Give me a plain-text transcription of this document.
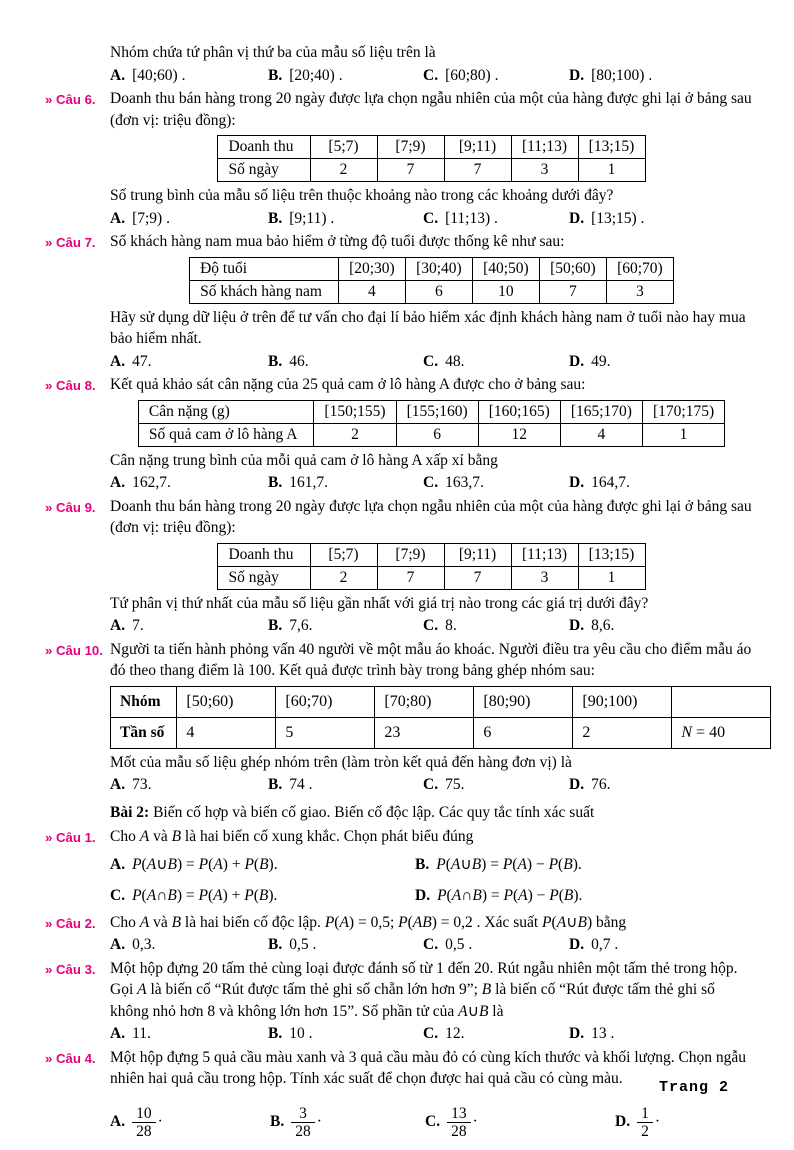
Nhóm chứa tứ phân vị thứ ba của mẫu số liệu trên là
A. [40;60) .	B. [20;40) .	C. [60;80) .	D. [80;100) .
» Câu 6. Doanh thu bán hàng trong 20 ngày được lựa chọn ngẫu nhiên của một của hàng được ghi lại ở bảng sau (đơn vị: triệu đồng):
Doanh thu	[5;7)	[7;9)	[9;11)	[11;13)	[13;15)
Số ngày	2	7	7	3	1
Số trung bình của mẫu số liệu trên thuộc khoảng nào trong các khoảng dưới đây?
A. [7;9) .	B. [9;11) .	C. [11;13) .	D. [13;15) .
» Câu 7. Số khách hàng nam mua bảo hiểm ở từng độ tuổi được thống kê như sau:
Độ tuổi	[20;30)	[30;40)	[40;50)	[50;60)	[60;70)
Số khách hàng nam	4	6	10	7	3
Hãy sử dụng dữ liệu ở trên để tư vấn cho đại lí bảo hiểm xác định khách hàng nam ở tuổi nào hay mua bảo hiểm nhất.
A. 47.	B. 46.	C. 48.	D. 49.
» Câu 8. Kết quả khảo sát cân nặng của 25 quả cam ở lô hàng A được cho ở bảng sau:
Cân nặng (g)	[150;155)	[155;160)	[160;165)	[165;170)	[170;175)
Số quả cam ở lô hàng A	2	6	12	4	1
Cân nặng trung bình của mỗi quả cam ở lô hàng A xấp xỉ bằng
A. 162,7.	B. 161,7.	C. 163,7.	D. 164,7.
» Câu 9. Doanh thu bán hàng trong 20 ngày được lựa chọn ngẫu nhiên của một của hàng được ghi lại ở bảng sau (đơn vị: triệu đồng):
Doanh thu	[5;7)	[7;9)	[9;11)	[11;13)	[13;15)
Số ngày	2	7	7	3	1
Tứ phân vị thứ nhất của mẫu số liệu gần nhất với giá trị nào trong các giá trị dưới đây?
A. 7.	B. 7,6.	C. 8.	D. 8,6.
» Câu 10. Người ta tiến hành phỏng vấn 40 người về một mẫu áo khoác. Người điều tra yêu cầu cho điểm mẫu áo đó theo thang điểm là 100. Kết quả được trình bày trong bảng ghép nhóm sau:
Nhóm	[50;60)	[60;70)	[70;80)	[80;90)	[90;100)	
Tần số	4	5	23	6	2	N = 40
Mốt của mẫu số liệu ghép nhóm trên (làm tròn kết quả đến hàng đơn vị) là
A. 73.	B. 74 .	C. 75.	D. 76.
Bài 2: Biến cố hợp và biến cố giao. Biến cố độc lập. Các quy tắc tính xác suất
» Câu 1. Cho A và B là hai biến cố xung khắc. Chọn phát biểu đúng
A. P(A∪B) = P(A) + P(B).	B. P(A∪B) = P(A) − P(B).
C. P(A∩B) = P(A) + P(B).	D. P(A∩B) = P(A) − P(B).
» Câu 2. Cho A và B là hai biến cố độc lập. P(A) = 0,5; P(AB) = 0,2 . Xác suất P(A∪B) bằng
A. 0,3.	B. 0,5 .	C. 0,5 .	D. 0,7 .
» Câu 3. Một hộp đựng 20 tấm thẻ cùng loại được đánh số từ 1 đến 20. Rút ngẫu nhiên một tấm thẻ trong hộp. Gọi A là biến cố “Rút được tấm thẻ ghi số chẵn lớn hơn 9”; B là biến cố “Rút được tấm thẻ ghi số không nhỏ hơn 8 và không lớn hơn 15”. Số phần tử của A∪B là
A. 11.	B. 10 .	C. 12.	D. 13 .
» Câu 4. Một hộp đựng 5 quả cầu màu xanh và 3 quả cầu màu đỏ có cùng kích thước và khối lượng. Chọn ngẫu nhiên hai quả cầu trong hộp. Tính xác suất để chọn được hai quả cầu có cùng màu.
A. $\frac{10}{28}$ ·	B. $\frac{3}{28}$ ·	C. $\frac{13}{28}$ ·	D. $\frac{1}{2}$ ·
Trang 2
